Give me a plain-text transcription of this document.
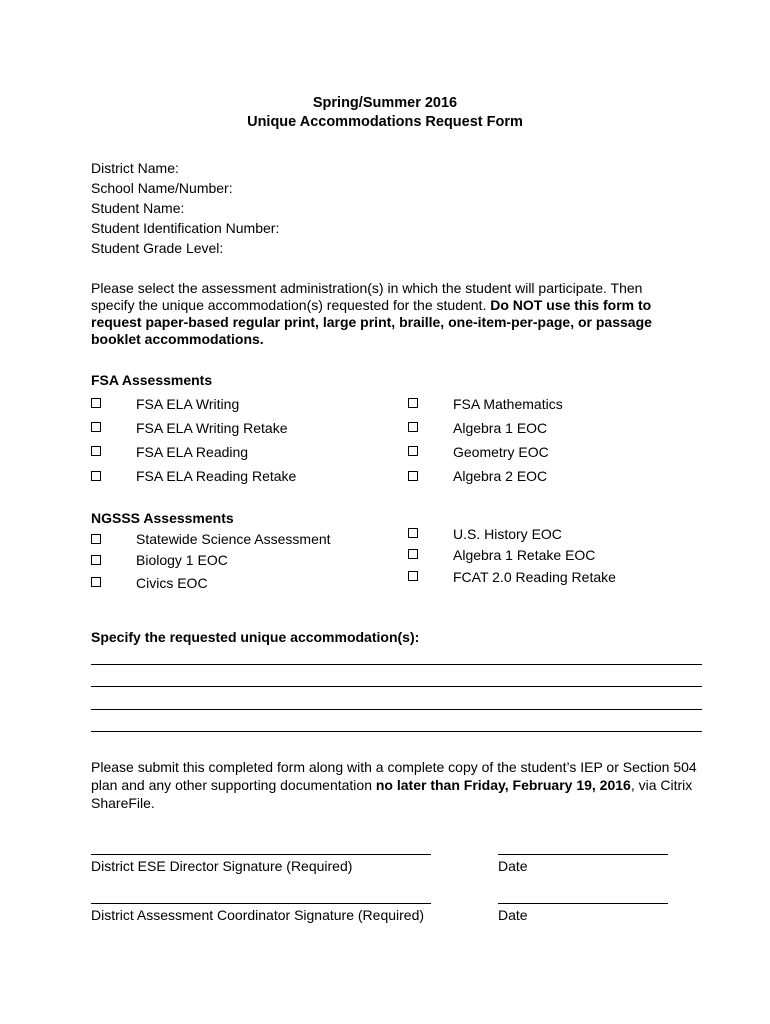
Spring/Summer 2016
Unique Accommodations Request Form
District Name:
School Name/Number:
Student Name:
Student Identification Number:
Student Grade Level:
Please select the assessment administration(s) in which the student will participate. Then specify the unique accommodation(s) requested for the student. Do NOT use this form to request paper-based regular print, large print, braille, one-item-per-page, or passage booklet accommodations.
FSA Assessments
FSA ELA Writing
FSA ELA Writing Retake
FSA ELA Reading
FSA ELA Reading Retake
FSA Mathematics
Algebra 1 EOC
Geometry EOC
Algebra 2 EOC
NGSSS Assessments
Statewide Science Assessment
Biology 1 EOC
Civics EOC
U.S. History EOC
Algebra 1 Retake EOC
FCAT 2.0 Reading Retake
Specify the requested unique accommodation(s):
Please submit this completed form along with a complete copy of the student’s IEP or Section 504 plan and any other supporting documentation no later than Friday, February 19, 2016, via Citrix ShareFile.
District ESE Director Signature (Required)	Date
District Assessment Coordinator Signature (Required)	Date
